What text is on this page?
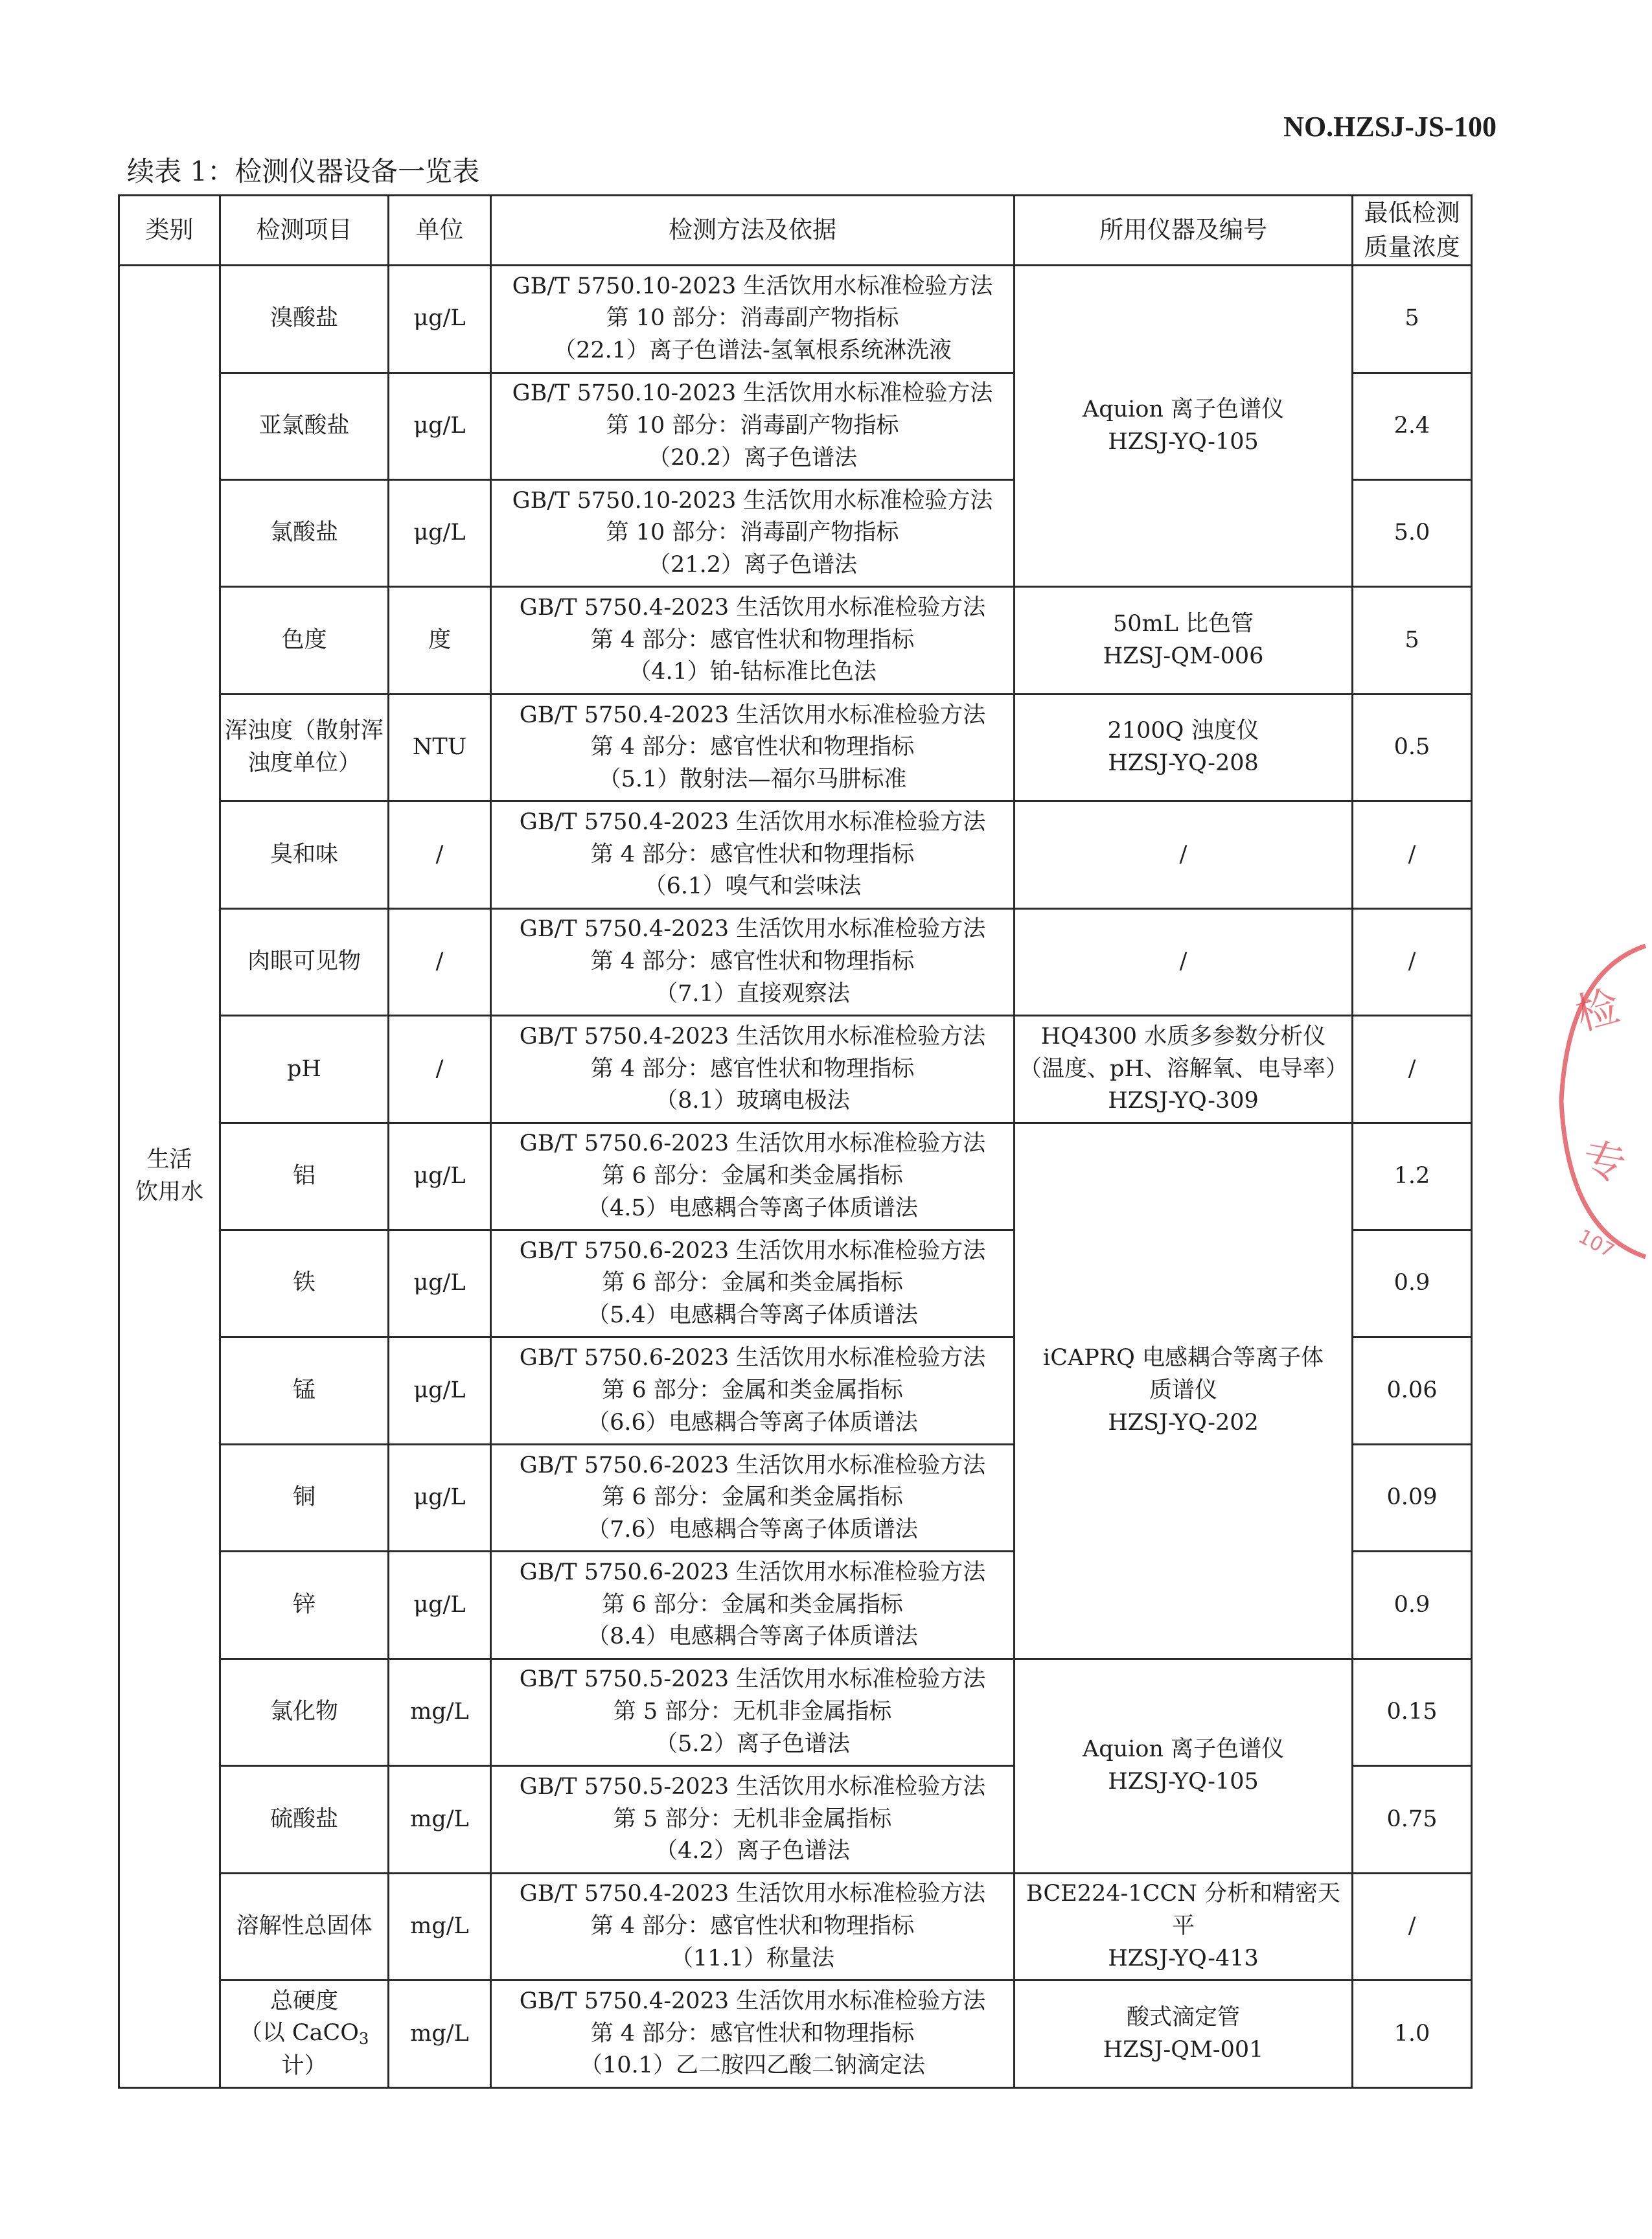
NO.HZSJ-JS-100
续表 1：检测仪器设备一览表
类别	检测项目	单位	检测方法及依据	所用仪器及编号	最低检测
质量浓度

生活
饮用水	溴酸盐	μg/L	GB/T 5750.10-2023 生活饮用水标准检验方法
第 10 部分：消毒副产物指标
（22.1）离子色谱法-氢氧根系统淋洗液	Aquion 离子色谱仪
HZSJ-YQ-105	5
	亚氯酸盐	μg/L	GB/T 5750.10-2023 生活饮用水标准检验方法
第 10 部分：消毒副产物指标
（20.2）离子色谱法		2.4
	氯酸盐	μg/L	GB/T 5750.10-2023 生活饮用水标准检验方法
第 10 部分：消毒副产物指标
（21.2）离子色谱法		5.0
	色度	度	GB/T 5750.4-2023 生活饮用水标准检验方法
第 4 部分：感官性状和物理指标
（4.1）铂-钴标准比色法	50mL 比色管
HZSJ-QM-006	5

	浑浊度（散射浑
浊度单位）	NTU	GB/T 5750.4-2023 生活饮用水标准检验方法
第 4 部分：感官性状和物理指标
（5.1）散射法—福尔马肼标准	2100Q 浊度仪
HZSJ-YQ-208	0.5
	臭和味	/	GB/T 5750.4-2023 生活饮用水标准检验方法
第 4 部分：感官性状和物理指标
（6.1）嗅气和尝味法	/	/
	肉眼可见物	/	GB/T 5750.4-2023 生活饮用水标准检验方法
第 4 部分：感官性状和物理指标
（7.1）直接观察法	/	/
	pH	/	GB/T 5750.4-2023 生活饮用水标准检验方法
第 4 部分：感官性状和物理指标
（8.1）玻璃电极法	HQ4300 水质多参数分析仪
（温度、pH、溶解氧、电导率）
HZSJ-YQ-309	/
	铝	μg/L	GB/T 5750.6-2023 生活饮用水标准检验方法
第 6 部分：金属和类金属指标
（4.5）电感耦合等离子体质谱法	iCAPRQ 电感耦合等离子体
质谱仪
HZSJ-YQ-202	1.2
	铁	μg/L	GB/T 5750.6-2023 生活饮用水标准检验方法
第 6 部分：金属和类金属指标
（5.4）电感耦合等离子体质谱法		0.9
	锰	μg/L	GB/T 5750.6-2023 生活饮用水标准检验方法
第 6 部分：金属和类金属指标
（6.6）电感耦合等离子体质谱法		0.06
	铜	μg/L	GB/T 5750.6-2023 生活饮用水标准检验方法
第 6 部分：金属和类金属指标
（7.6）电感耦合等离子体质谱法		0.09
	锌	μg/L	GB/T 5750.6-2023 生活饮用水标准检验方法
第 6 部分：金属和类金属指标
（8.4）电感耦合等离子体质谱法		0.9
	氯化物	mg/L	GB/T 5750.5-2023 生活饮用水标准检验方法
第 5 部分：无机非金属指标
（5.2）离子色谱法	Aquion 离子色谱仪
HZSJ-YQ-105	0.15
	硫酸盐	mg/L	GB/T 5750.5-2023 生活饮用水标准检验方法
第 5 部分：无机非金属指标
（4.2）离子色谱法		0.75
	溶解性总固体	mg/L	GB/T 5750.4-2023 生活饮用水标准检验方法
第 4 部分：感官性状和物理指标
（11.1）称量法	BCE224-1CCN 分析和精密天平
HZSJ-YQ-413	/

	总硬度
（以 CaCO$_3$计）	mg/L	GB/T 5750.4-2023 生活饮用水标准检验方法
第 4 部分：感官性状和物理指标
（10.1）乙二胺四乙酸二钠滴定法	酸式滴定管
HZSJ-QM-001	1.0
检
专
107
